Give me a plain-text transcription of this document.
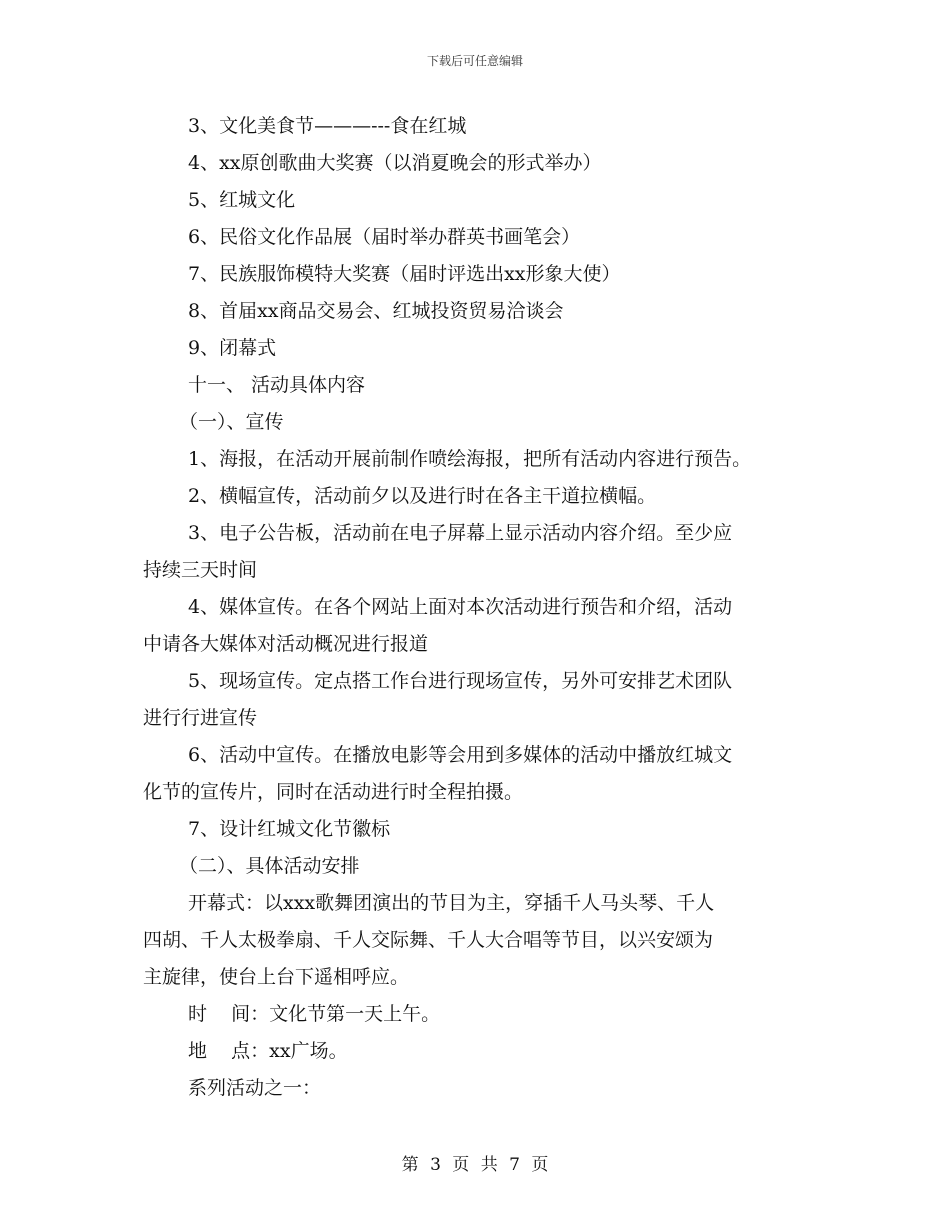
下载后可任意编辑
3、文化美食节———---食在红城
4、xx原创歌曲大奖赛（以消夏晚会的形式举办）
5、红城文化
6、民俗文化作品展（届时举办群英书画笔会）
7、民族服饰模特大奖赛（届时评选出xx形象大使）
8、首届xx商品交易会、红城投资贸易洽谈会
9、闭幕式
十一、 活动具体内容
（一）、宣传
1、海报，在活动开展前制作喷绘海报，把所有活动内容进行预告。
2、横幅宣传，活动前夕以及进行时在各主干道拉横幅。
3、电子公告板，活动前在电子屏幕上显示活动内容介绍。至少应
持续三天时间
4、媒体宣传。在各个网站上面对本次活动进行预告和介绍，活动
中请各大媒体对活动概况进行报道
5、现场宣传。定点搭工作台进行现场宣传，另外可安排艺术团队
进行行进宣传
6、活动中宣传。在播放电影等会用到多媒体的活动中播放红城文
化节的宣传片，同时在活动进行时全程拍摄。
7、设计红城文化节徽标
（二）、具体活动安排
开幕式：以xxx歌舞团演出的节目为主，穿插千人马头琴、千人
四胡、千人太极拳扇、千人交际舞、千人大合唱等节目，以兴安颂为
主旋律，使台上台下遥相呼应。
时    间：文化节第一天上午。
地    点：xx广场。
系列活动之一：
第 3 页 共 7 页
